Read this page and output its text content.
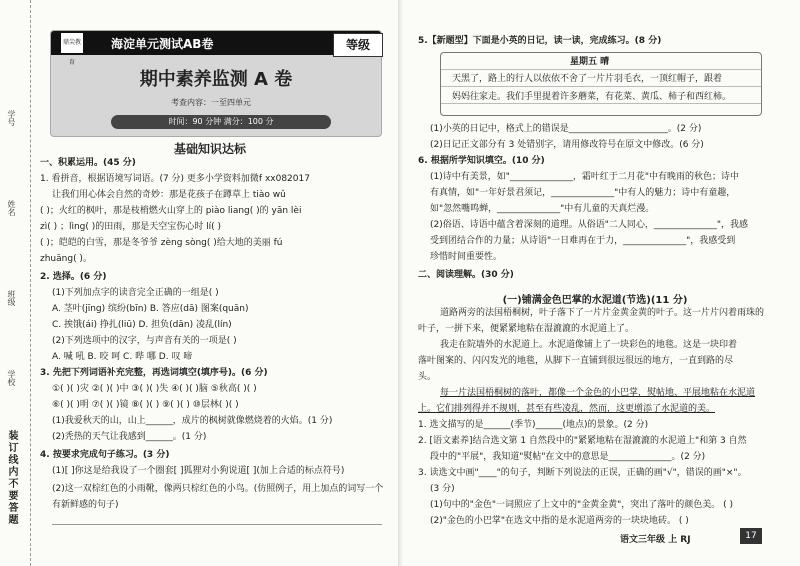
学号
姓名
班级
学校
装订线内不要答题
鼎尖教育
海淀单元测试AB卷	等级
期中素养监测 A 卷
考查内容：一至四单元
时间：90 分钟 满分：100 分
基础知识达标
一、积累运用。(45 分)
1. 看拼音，根据语境写词语。(7 分) 更多小学资料加微f xx082017
让我们用心体会自然的奇妙：那是花孩子在蹲草上 tiào wǔ
( )；火红的枫叶，那是枝梢燃火山穿上的 piào liang( )的 yān lèi
zì( ) ；lìng( )的田雨，那是天空宝伤心时 lí( )
( )；皑皑的白雪，那是冬爷爷 zèng sòng( )给大地的美丽 fú
zhuāng( )。
2. 选择。(6 分)
(1)下列加点字的读音完全正确的一组是( )
A. 茎叶(jīng) 缤纷(bīn) B. 答应(dā) 图案(quān)
C. 挨饿(ái) 挣扎(liū) D. 担负(dān) 凌乱(lín)
(2)下列选项中的汉字，与声音有关的一项是( )
A. 喊 吼 B. 咬 呵 C. 哔 哪 D. 叹 啼
3. 先把下列词语补充完整，再选词填空(填序号)。(6 分)
①( )( )灾 ②( )( )中 ③( )( )失 ④( )( )脑 ⑤秋高( )( )
⑥( )( )明 ⑦( )( )镜 ⑧( )( ) ⑨( )( ) ⑩层林( )( )
(1)我爱秋天的山，山上______，成片的枫树就像燃烧着的火焰。(1 分)
(2)秃热的天气让我感到______。(1 分)
4. 按要求完成句子练习。(3 分)
(1)[ ]你这是给我设了一个圈套[ ]狐狸对小狗说道[ ](加上合适的标点符号)
(2)这一双棕红色的小雨靴，像两只棕红色的小鸟。(仿照例子，用上加点的词写一个
有新鲜感的句子)
5.【新题型】下面是小英的日记，读一读，完成练习。(8 分)
星期五 晴
天黑了，路上的行人以依依不舍了一片片羽毛衣，一顶红帽子，跟着
妈妈往家走。我们手里提着许多蘑菜，有花菜、黄瓜、柿子和西红柿。
(1)小英的日记中，格式上的错误是______________________。(2 分)
(2)日记正文部分有 3 处错别字，请用修改符号在原文中修改。(6 分)
6. 根据所学知识填空。(10 分)
(1)诗中有美景，如"______________，霜叶红于二月花"中有晚雨的秋色；诗中
有真情，如"一年好景君须记，______________"中有人的魅力；诗中有童趣，
如"忽然嘴鸣蝉，______________"中有儿童的天真烂漫。
(2)俗语、诗语中蕴含着深刻的道理。从俗语"二人同心，______________"，我感
受到团结合作的力量；从诗语"一日难再在于力，______________"，我感受到
珍惜时间重要性。
二、阅读理解。(30 分)
(一)铺满金色巴掌的水泥道(节选)(11 分)
道路两旁的法国梧桐树，叶子落下了一片片金黄金黄的叶子。这一片片闪着雨珠的
叶子，一拼下来，便紧紧地粘在湿漉漉的水泥道上了。
我走在院墙外的水泥道上。水泥道像铺上了一块彩色的地毯。这是一块印着
落叶图案的、闪闪发光的地毯，从脚下一直铺到很远很远的地方，一直到路的尽
头。
每一片法国梧桐树的落叶，都像一个金色的小巴掌，熨帖地、平展地粘在水泥道
上。它们排列得并不规则，甚至有些凌乱，然而，这更增添了水泥道的美。
1. 选文描写的是______(季节)______(地点)的景象。(2 分)
2. [语文素养]结合选文第 1 自然段中的"紧紧地粘在湿漉漉的水泥道上"和第 3 自然
段中的"平展"，我知道"熨帖"在文中的意思是______________。(2 分)
3. 读选文中画"____"的句子，判断下列说法的正误，正确的画"√"，错误的画"×"。
(3 分)
(1)句中的"金色"一词照应了上文中的"金黄金黄"，突出了落叶的颜色美。 ( )
(2)"金色的小巴掌"在选文中指的是水泥道两旁的一块块地砖。 ( )
语文三年级 上 RJ	17
